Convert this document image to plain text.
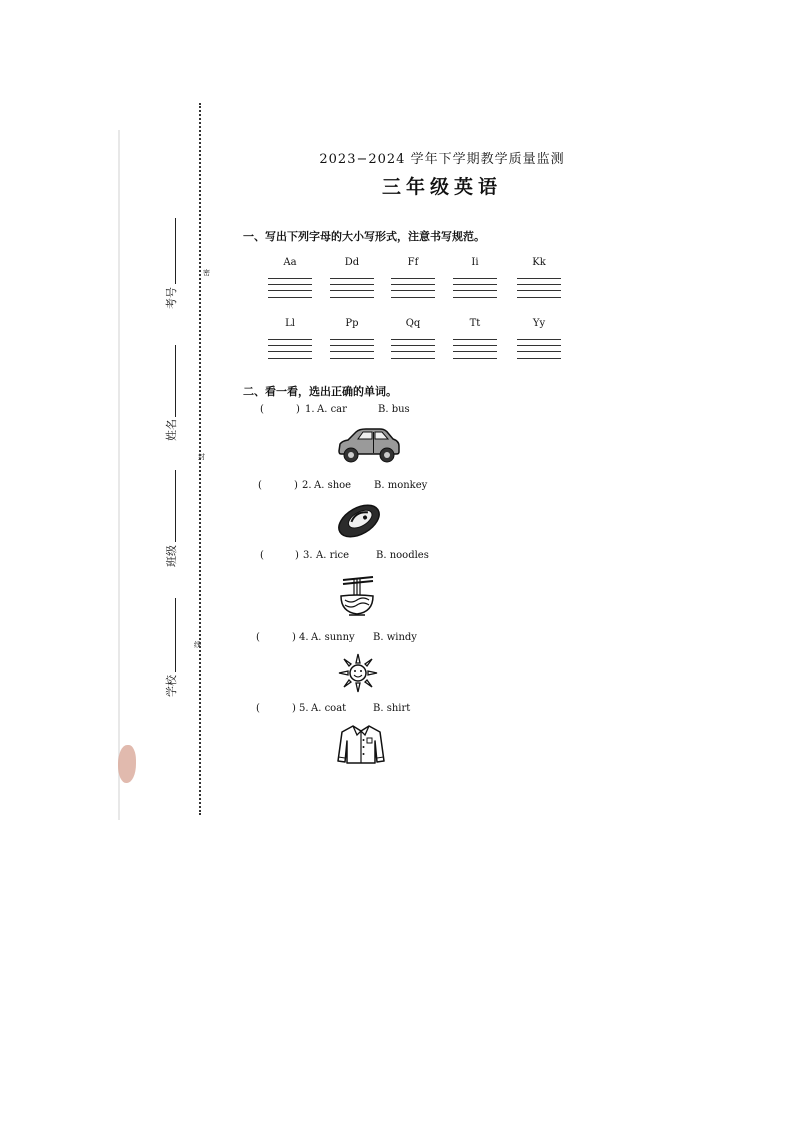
考号
姓名
班级
学校
密
封
线
2023−2024 学年下学期教学质量监测
三年级英语
一、写出下列字母的大小写形式，注意书写规范。
Aa	Dd	Ff	Ii	Kk
Ll	Pp	Qq	Tt	Yy
二、看一看，选出正确的单词。
(	) 1. A. car	B. bus
(	) 2. A. shoe B. monkey
(	) 3. A. rice	B. noodles
(	) 4. A. sunny B. windy
(	) 5. A. coat	B. shirt
